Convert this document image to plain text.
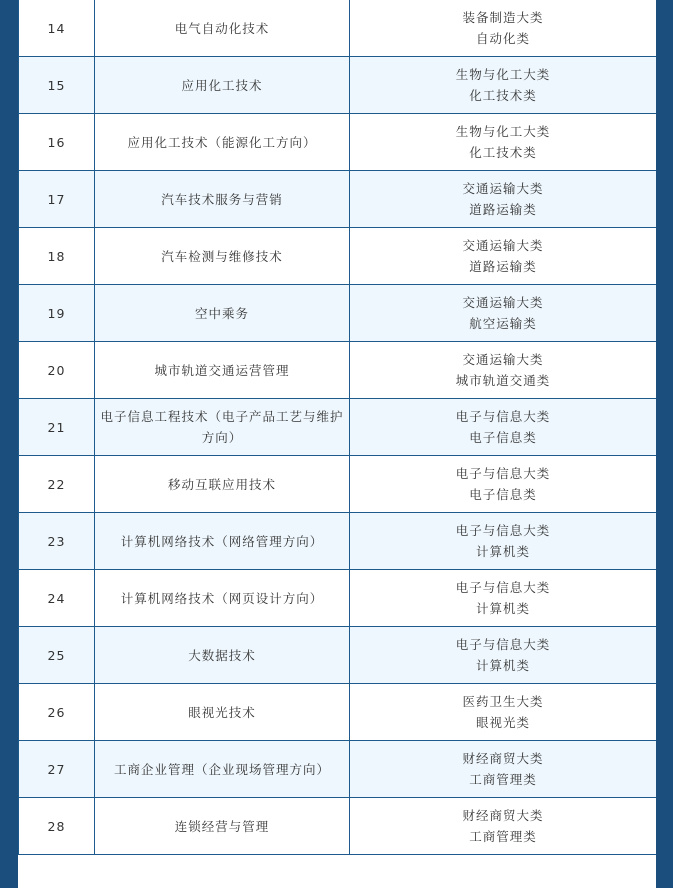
14	电气自动化技术	装备制造大类
自动化类

15	应用化工技术	生物与化工大类
化工技术类

16	应用化工技术（能源化工方向）	生物与化工大类
化工技术类

17	汽车技术服务与营销	交通运输大类
道路运输类

18	汽车检测与维修技术	交通运输大类
道路运输类

19	空中乘务	交通运输大类
航空运输类

20	城市轨道交通运营管理	交通运输大类
城市轨道交通类

21	电子信息工程技术（电子产品工艺与维护方向）	电子与信息大类
电子信息类

22	移动互联应用技术	电子与信息大类
电子信息类

23	计算机网络技术（网络管理方向）	电子与信息大类
计算机类

24	计算机网络技术（网页设计方向）	电子与信息大类
计算机类

25	大数据技术	电子与信息大类
计算机类

26	眼视光技术	医药卫生大类
眼视光类

27	工商企业管理（企业现场管理方向）	财经商贸大类
工商管理类

28	连锁经营与管理	财经商贸大类
工商管理类
